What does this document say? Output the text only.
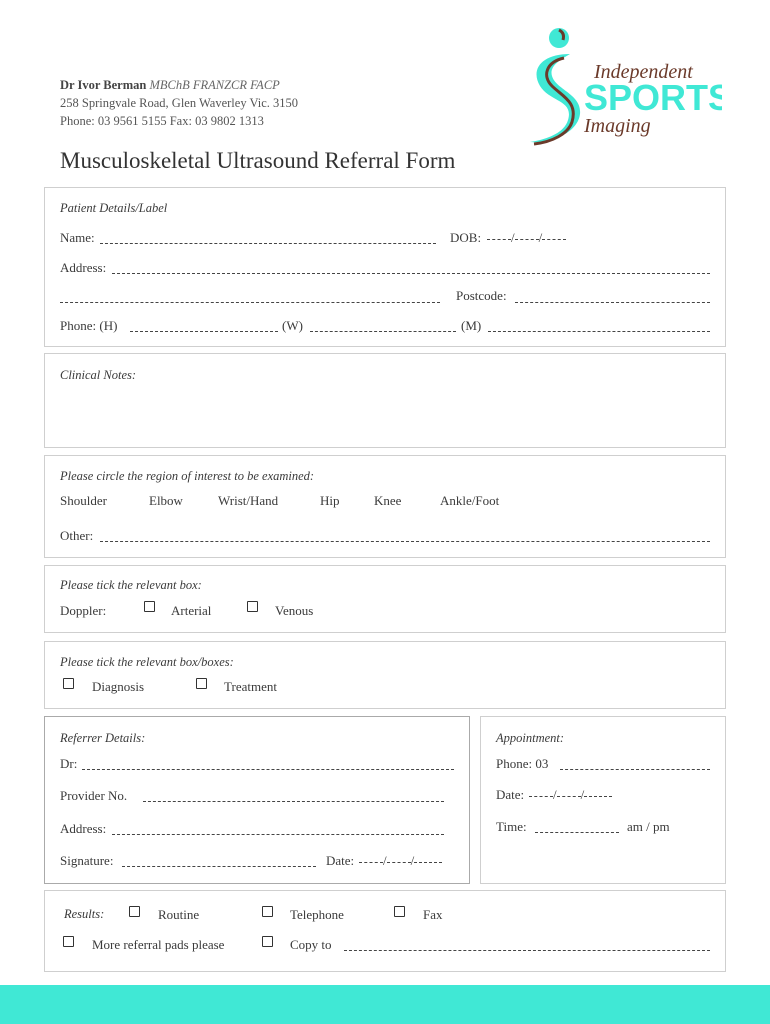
Dr Ivor Berman MBChB FRANZCR FACP
258 Springvale Road, Glen Waverley Vic. 3150
Phone: 03 9561 5155 Fax: 03 9802 1313
Independent
SPORTS
Imaging
Musculoskeletal Ultrasound Referral Form
Patient Details/Label
Name:	DOB:	/ /
Address:
Postcode:
Phone: (H)	(W)	(M)
Clinical Notes:
Please circle the region of interest to be examined:
Shoulder	Elbow	Wrist/Hand	Hip	Knee	Ankle/Foot
Other:
Please tick the relevant box:
Doppler:	Arterial	Venous
Please tick the relevant box/boxes:
Diagnosis	Treatment
Referrer Details:
Dr:
Provider No.
Address:
Signature:	Date:	/ /
Appointment:
Phone: 03
Date:	/ /
Time:	am / pm
Results:	Routine	Telephone	Fax
More referral pads please	Copy to
